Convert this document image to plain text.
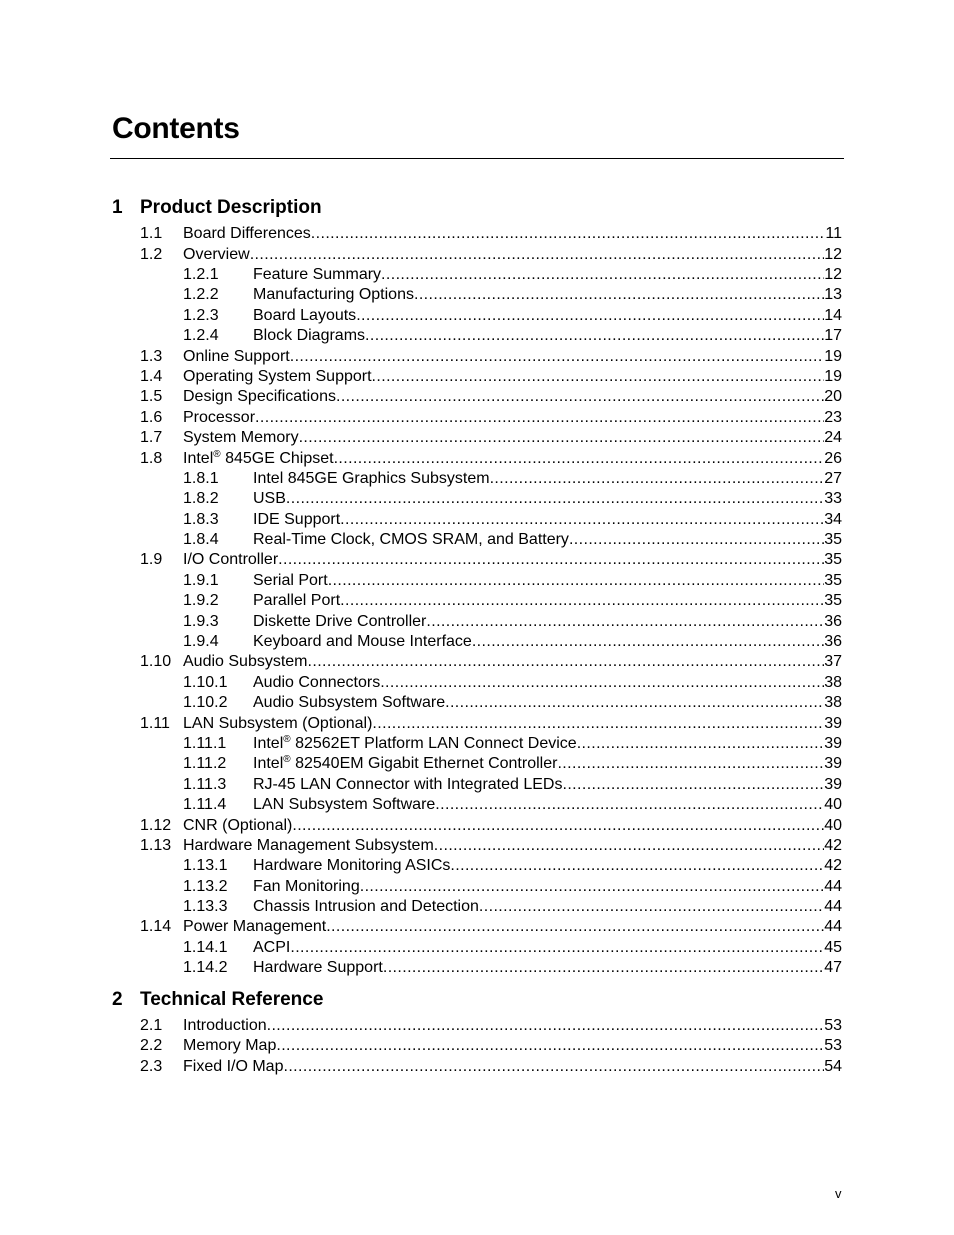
Contents
1 Product Description
1.1	Board Differences .....	11
1.2	Overview .....	12
1.2.1	Feature Summary .....	12
1.2.2	Manufacturing Options .....	13
1.2.3	Board Layouts .....	14
1.2.4	Block Diagrams .....	17
1.3	Online Support .....	19
1.4	Operating System Support .....	19
1.5	Design Specifications .....	20
1.6	Processor .....	23
1.7	System Memory .....	24
1.8	Intel® 845GE Chipset .....	26
1.8.1	Intel 845GE Graphics Subsystem .....	27
1.8.2	USB .....	33
1.8.3	IDE Support .....	34
1.8.4	Real-Time Clock, CMOS SRAM, and Battery .....	35
1.9	I/O Controller .....	35
1.9.1	Serial Port .....	35
1.9.2	Parallel Port .....	35
1.9.3	Diskette Drive Controller .....	36
1.9.4	Keyboard and Mouse Interface .....	36
1.10 Audio Subsystem .....	37
1.10.1	Audio Connectors .....	38
1.10.2	Audio Subsystem Software .....	38
1.11 LAN Subsystem (Optional) .....	39
1.11.1	Intel® 82562ET Platform LAN Connect Device .....	39
1.11.2	Intel® 82540EM Gigabit Ethernet Controller .....	39
1.11.3	RJ-45 LAN Connector with Integrated LEDs .....	39
1.11.4	LAN Subsystem Software .....	40
1.12 CNR (Optional) .....	40
1.13 Hardware Management Subsystem .....	42
1.13.1	Hardware Monitoring ASICs .....	42
1.13.2	Fan Monitoring .....	44
1.13.3	Chassis Intrusion and Detection .....	44
1.14 Power Management .....	44
1.14.1	ACPI .....	45
1.14.2	Hardware Support .....	47
2 Technical Reference
2.1	Introduction .....	53
2.2	Memory Map .....	53
2.3	Fixed I/O Map .....	54
v
